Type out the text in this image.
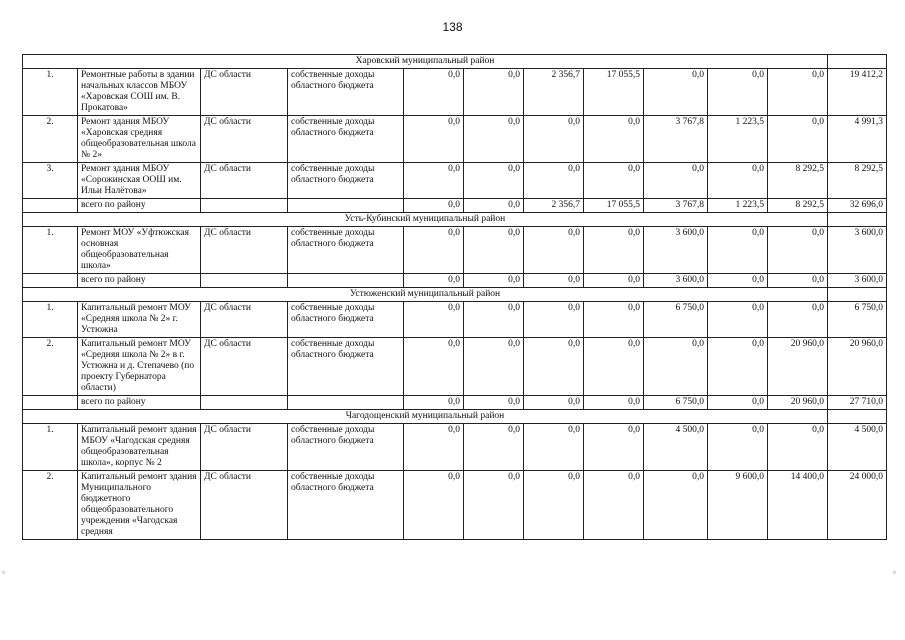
138
Харовский муниципальный район											
1.	Ремонтные работы в здании начальных классов МБОУ «Харовская СОШ им. В. Прокатова»	ДС области	собственные доходы областного бюджета	0,0	0,0	2 356,7	17 055,5	0,0	0,0	0,0	19 412,2
2.	Ремонт здания МБОУ «Харовская средняя общеобразовательная школа № 2»	ДС области	собственные доходы областного бюджета	0,0	0,0	0,0	0,0	3 767,8	1 223,5	0,0	4 991,3
3.	Ремонт здания МБОУ «Сорожинская ООШ им. Ильи Налётова»	ДС области	собственные доходы областного бюджета	0,0	0,0	0,0	0,0	0,0	0,0	8 292,5	8 292,5
	всего по району			0,0	0,0	2 356,7	17 055,5	3 767,8	1 223,5	8 292,5	32 696,0
Усть-Кубинский муниципальный район											
1.	Ремонт МОУ «Уфтюжская основная общеобразовательная школа»	ДС области	собственные доходы областного бюджета	0,0	0,0	0,0	0,0	3 600,0	0,0	0,0	3 600,0
	всего по району			0,0	0,0	0,0	0,0	3 600,0	0,0	0,0	3 600,0
Устюженский муниципальный район											
1.	Капитальный ремонт МОУ «Средняя школа № 2» г. Устюжна	ДС области	собственные доходы областного бюджета	0,0	0,0	0,0	0,0	6 750,0	0,0	0,0	6 750,0
2.	Капитальный ремонт МОУ «Средняя школа № 2» в г. Устюжна и д. Степачево (по проекту Губернатора области)	ДС области	собственные доходы областного бюджета	0,0	0,0	0,0	0,0	0,0	0,0	20 960,0	20 960,0
	всего по району			0,0	0,0	0,0	0,0	6 750,0	0,0	20 960,0	27 710,0
Чагодощенский муниципальный район											
1.	Капитальный ремонт здания МБОУ «Чагодская средняя общеобразовательная школа», корпус № 2	ДС области	собственные доходы областного бюджета	0,0	0,0	0,0	0,0	4 500,0	0,0	0,0	4 500,0
2.	Капитальный ремонт здания Муниципального бюджетного общеобразовательного учреждения «Чагодская средняя	ДС области	собственные доходы областного бюджета	0,0	0,0	0,0	0,0	0,0	9 600,0	14 400,0	24 000,0
▫	▫
